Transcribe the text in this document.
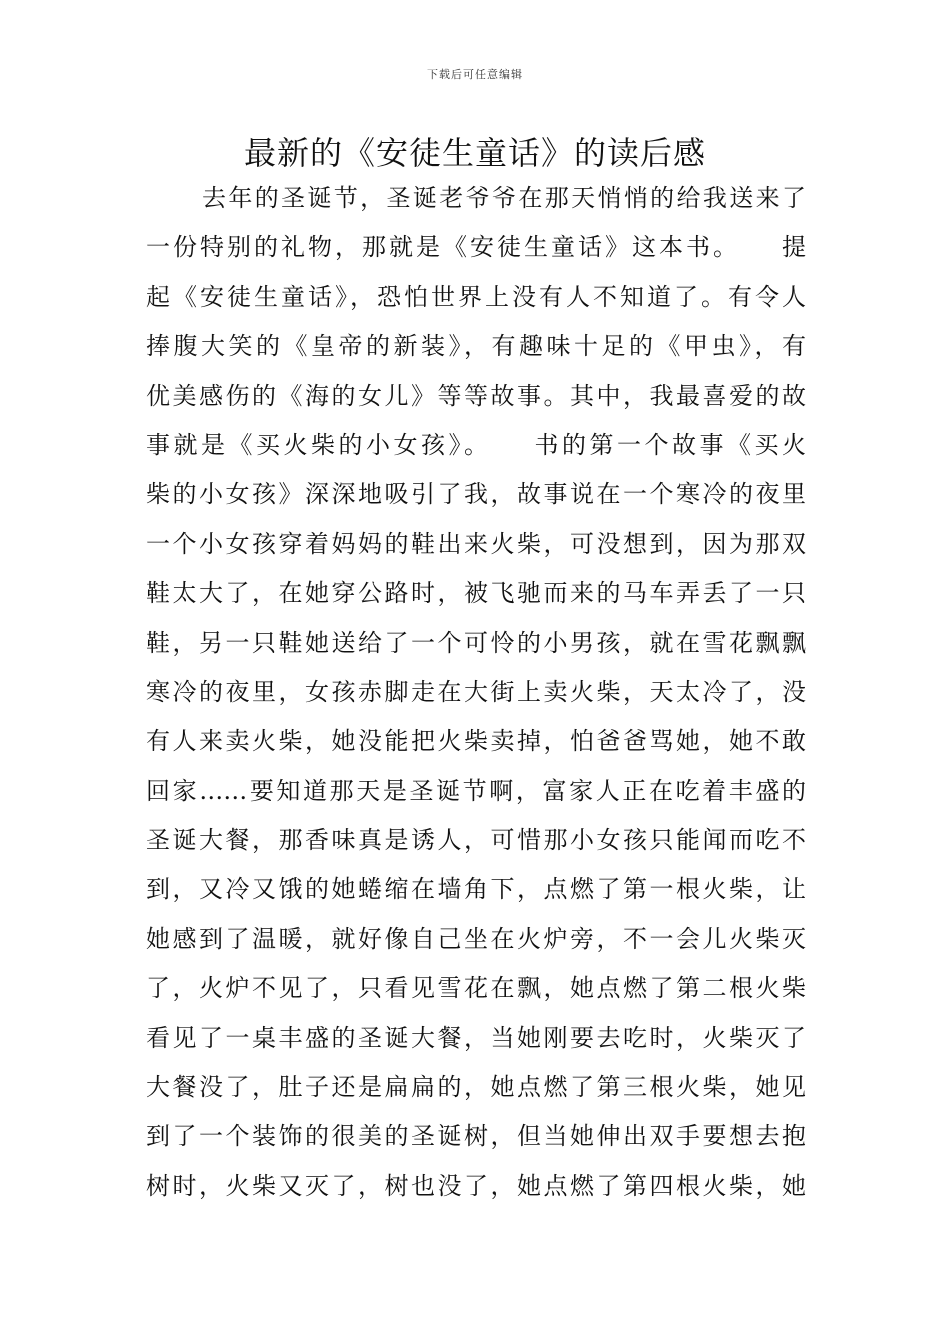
下载后可任意编辑
最新的《安徒生童话》的读后感
去年的圣诞节，圣诞老爷爷在那天悄悄的给我送来了
一份特别的礼物，那就是《安徒生童话》这本书。　　提
起《安徒生童话》，恐怕世界上没有人不知道了。有令人
捧腹大笑的《皇帝的新装》，有趣味十足的《甲虫》，有
优美感伤的《海的女儿》等等故事。其中，我最喜爱的故
事就是《买火柴的小女孩》。　　书的第一个故事《买火
柴的小女孩》深深地吸引了我，故事说在一个寒冷的夜里
一个小女孩穿着妈妈的鞋出来火柴，可没想到，因为那双
鞋太大了，在她穿公路时，被飞驰而来的马车弄丢了一只
鞋，另一只鞋她送给了一个可怜的小男孩，就在雪花飘飘
寒冷的夜里，女孩赤脚走在大街上卖火柴，天太冷了，没
有人来卖火柴，她没能把火柴卖掉，怕爸爸骂她，她不敢
回家……要知道那天是圣诞节啊，富家人正在吃着丰盛的
圣诞大餐，那香味真是诱人，可惜那小女孩只能闻而吃不
到，又冷又饿的她蜷缩在墙角下，点燃了第一根火柴，让
她感到了温暖，就好像自己坐在火炉旁，不一会儿火柴灭
了，火炉不见了，只看见雪花在飘，她点燃了第二根火柴
看见了一桌丰盛的圣诞大餐，当她刚要去吃时，火柴灭了
大餐没了，肚子还是扁扁的，她点燃了第三根火柴，她见
到了一个装饰的很美的圣诞树，但当她伸出双手要想去抱
树时，火柴又灭了，树也没了，她点燃了第四根火柴，她
